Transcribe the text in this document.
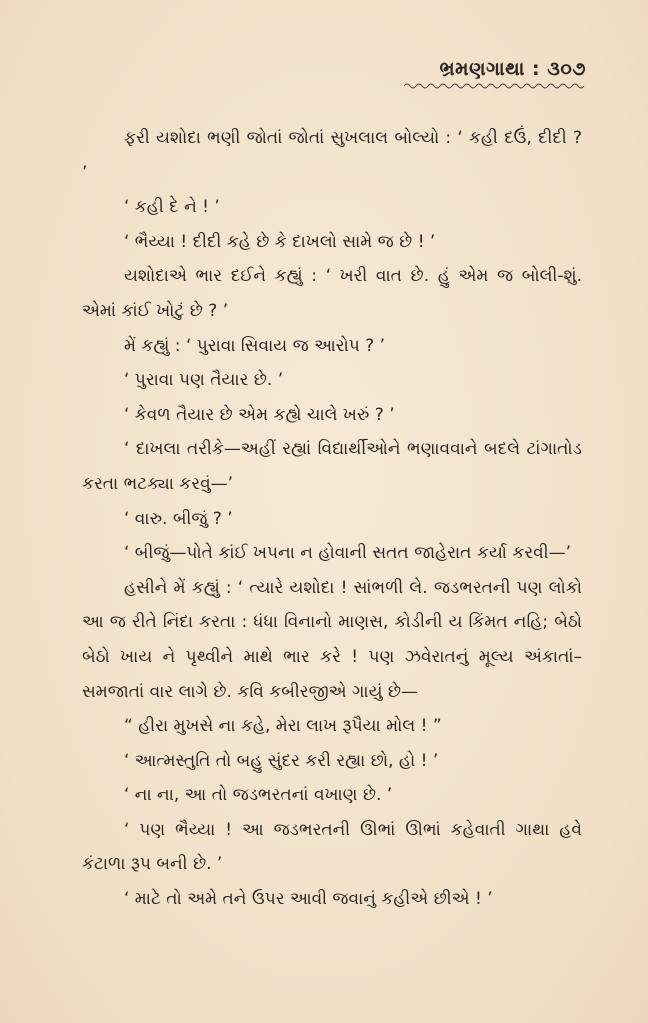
ભ્રમણગાથા : ૩૦૭

ફરી યશોદા ભણી જોતાં જોતાં સુખલાલ બોલ્યો : ‘ કહી દઉં, દીદી ? ’

‘ કહી દે ને ! ’

‘ ભૈય્યા ! દીદી કહે છે કે દાખલો સામે જ છે ! ’

યશોદાએ ભાર દઈને કહ્યું : ‘ ખરી વાત છે. હું એમ જ બોલી-શું. એમાં કાંઈ ખોટું છે ? ’

મેં કહ્યું : ‘ પુરાવા સિવાય જ આરોપ ? ’

‘ પુરાવા પણ તૈયાર છે. ’

‘ કેવળ તૈયાર છે એમ કહ્યે ચાલે ખરું ? ’

‘ દાખલા તરીકે—અહીં રહ્યાં વિદ્યાર્થીઓને ભણાવવાને બદલે ટાંગાતોડ કરતા ભટક્યા કરવું—’

‘ વારુ. બીજું ? ’

‘ બીજું—પોતે કાંઈ ખપના ન હોવાની સતત જાહેરાત કર્યા કરવી—’

હસીને મેં કહ્યું : ‘ ત્યારે યશોદા ! સાંભળી લે. જડભરતની પણ લોકો આ જ રીતે નિંદા કરતા : ધંધા વિનાનો માણસ, કોડીની ય કિંમત નહિ; બેઠો બેઠો ખાય ને પૃથ્વીને માથે ભાર કરે ! પણ ઝવેરાતનું મૂલ્ય અંકાતાં–સમજાતાં વાર લાગે છે. કવિ કબીરજીએ ગાયું છે—

“ હીરા મુખસે ના કહે, મેરા લાખ રૂપૈયા મોલ ! ”

‘ આત્મસ્તુતિ તો બહુ સુંદર કરી રહ્યા છો, હો ! ’

‘ ના ના, આ તો જડભરતનાં વખાણ છે. ’

‘ પણ ભૈય્યા ! આ જડભરતની ઊભાં ઊભાં કહેવાતી ગાથા હવે કંટાળા રૂપ બની છે. ’

‘ માટે તો અમે તને ઉપર આવી જવાનું કહીએ છીએ ! ’
